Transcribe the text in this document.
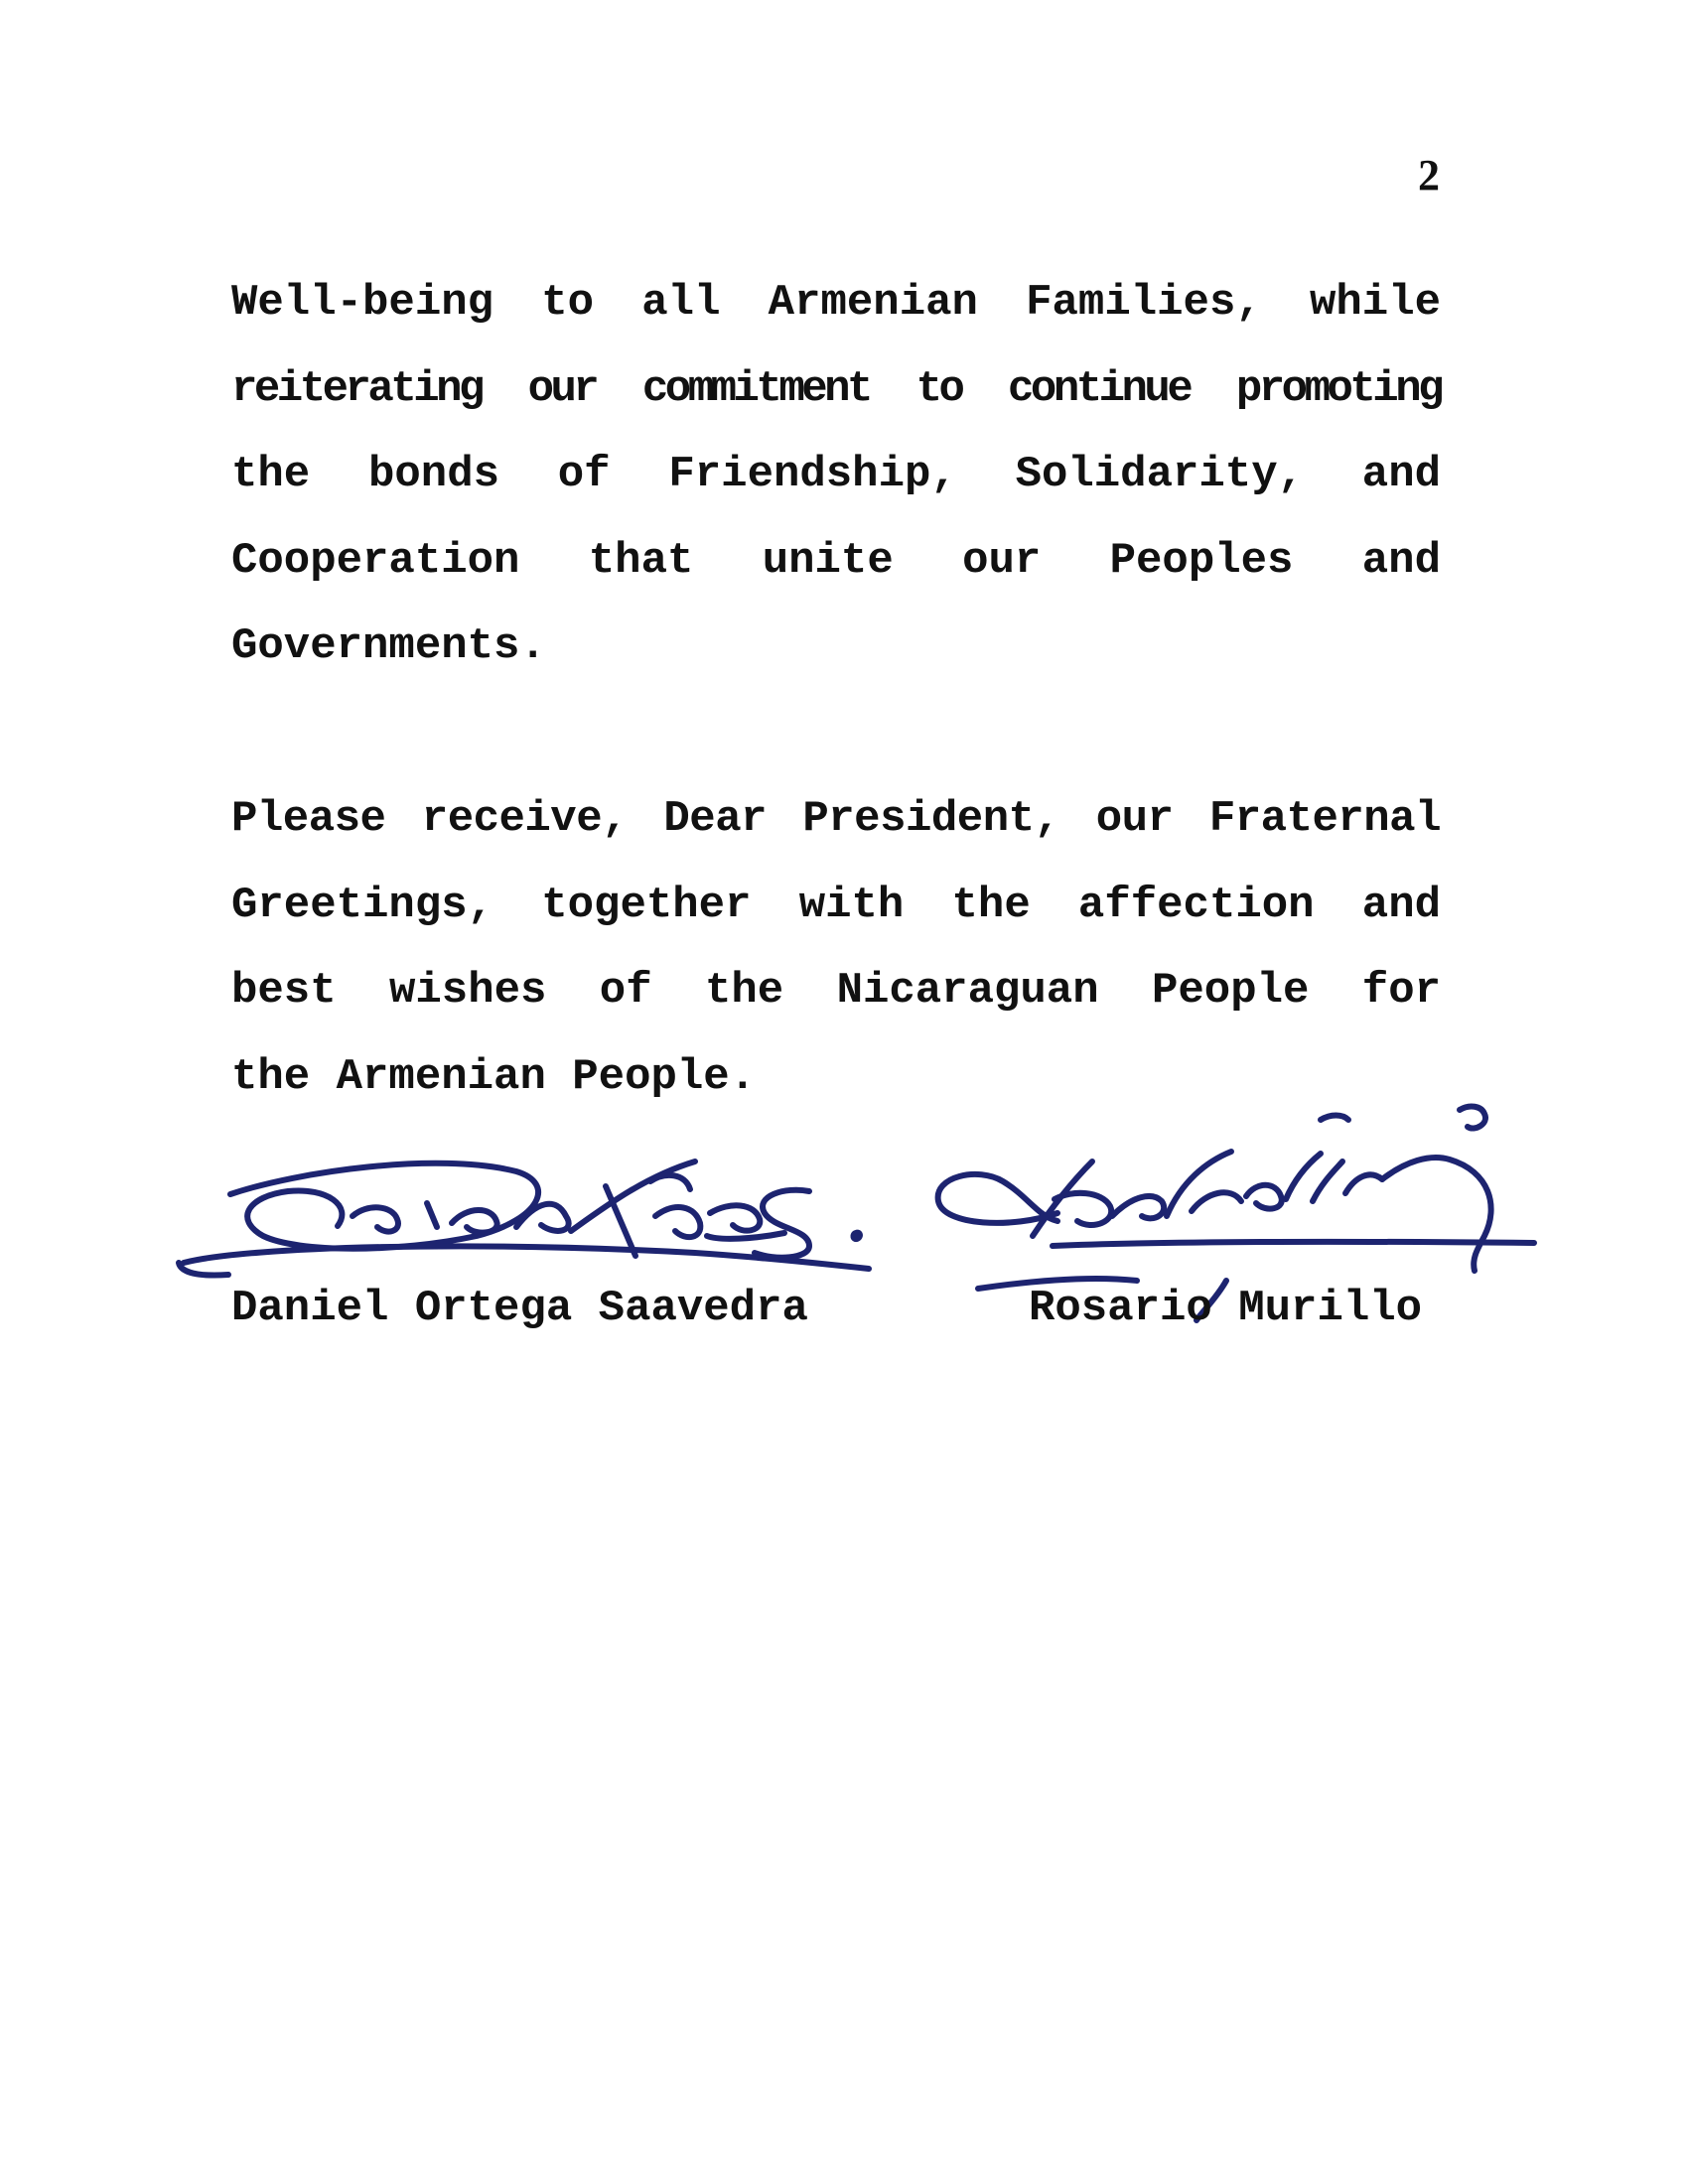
2
Well-being to all Armenian Families, while
reiterating our commitment to continue promoting
the bonds of Friendship, Solidarity, and
Cooperation that unite our Peoples and
Governments.
Please receive, Dear President, our Fraternal
Greetings, together with the affection and
best wishes of the Nicaraguan People for
the Armenian People.
Daniel Ortega Saavedra	Rosario Murillo
